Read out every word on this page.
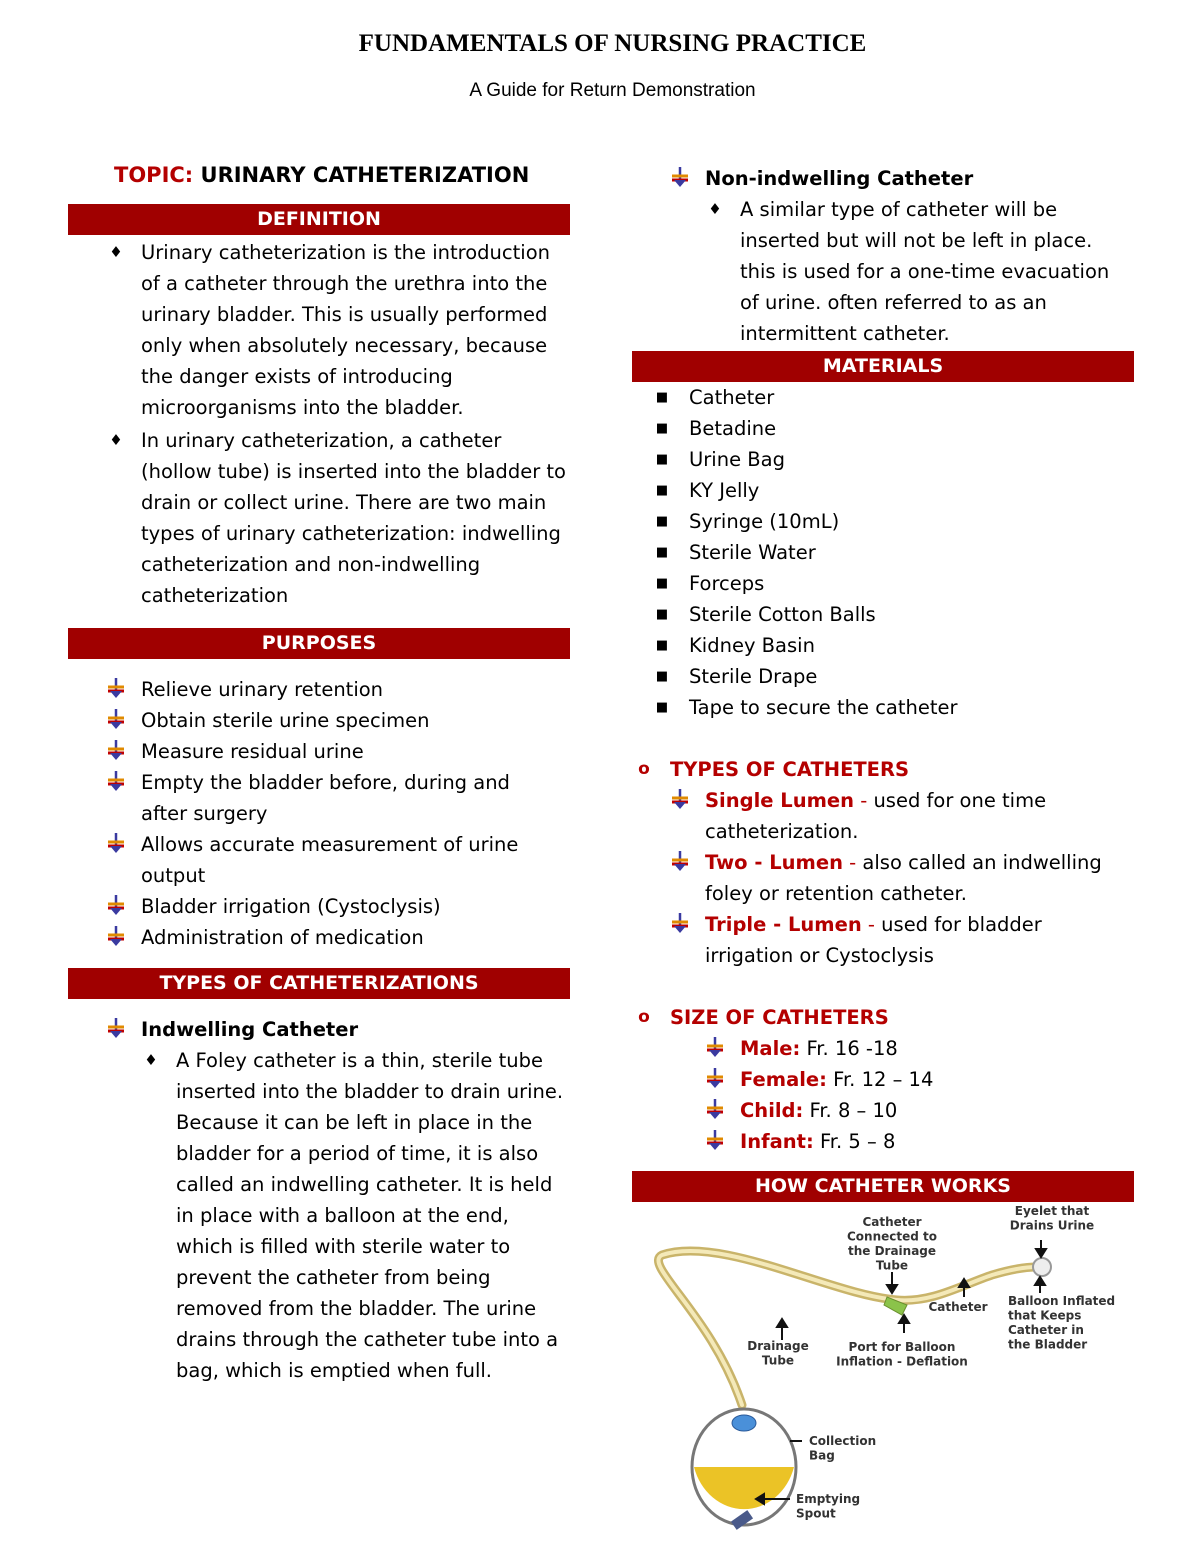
FUNDAMENTALS OF NURSING PRACTICE

A Guide for Return Demonstration

TOPIC: URINARY CATHETERIZATION
DEFINITION
♦ Urinary catheterization is the introduction of a catheter through the urethra into the urinary bladder. This is usually performed only when absolutely necessary, because the danger exists of introducing microorganisms into the bladder.
♦ In urinary catheterization, a catheter (hollow tube) is inserted into the bladder to drain or collect urine. There are two main types of urinary catheterization: indwelling catheterization and non-indwelling catheterization
PURPOSES
Relieve urinary retention
Obtain sterile urine specimen
Measure residual urine
Empty the bladder before, during and after surgery
Allows accurate measurement of urine output
Bladder irrigation (Cystoclysis)
Administration of medication
TYPES OF CATHETERIZATIONS
Indwelling Catheter
♦ A Foley catheter is a thin, sterile tube inserted into the bladder to drain urine. Because it can be left in place in the bladder for a period of time, it is also called an indwelling catheter. It is held in place with a balloon at the end, which is filled with sterile water to prevent the catheter from being removed from the bladder. The urine drains through the catheter tube into a bag, which is emptied when full.
Non-indwelling Catheter
♦ A similar type of catheter will be inserted but will not be left in place. this is used for a one-time evacuation of urine. often referred to as an intermittent catheter.
MATERIALS
■	Catheter
■	Betadine
■	Urine Bag
■	KY Jelly
■	Syringe (10mL)
■	Sterile Water
■	Forceps
■	Sterile Cotton Balls
■	Kidney Basin
■	Sterile Drape
■	Tape to secure the catheter
o	TYPES OF CATHETERS
Single Lumen - used for one time catheterization.
Two - Lumen - also called an indwelling foley or retention catheter.
Triple - Lumen - used for bladder irrigation or Cystoclysis
o	SIZE OF CATHETERS
Male: Fr. 16 -18
Female: Fr. 12 – 14
Child: Fr. 8 – 10
Infant: Fr. 5 – 8
HOW CATHETER WORKS
Catheter Connected to the Drainage Tube
Eyelet that Drains Urine
Catheter Balloon Inflated that Keeps Catheter in the Bladder
Drainage Tube
Port for Balloon Inflation - Deflation
Collection Bag
Emptying Spout
